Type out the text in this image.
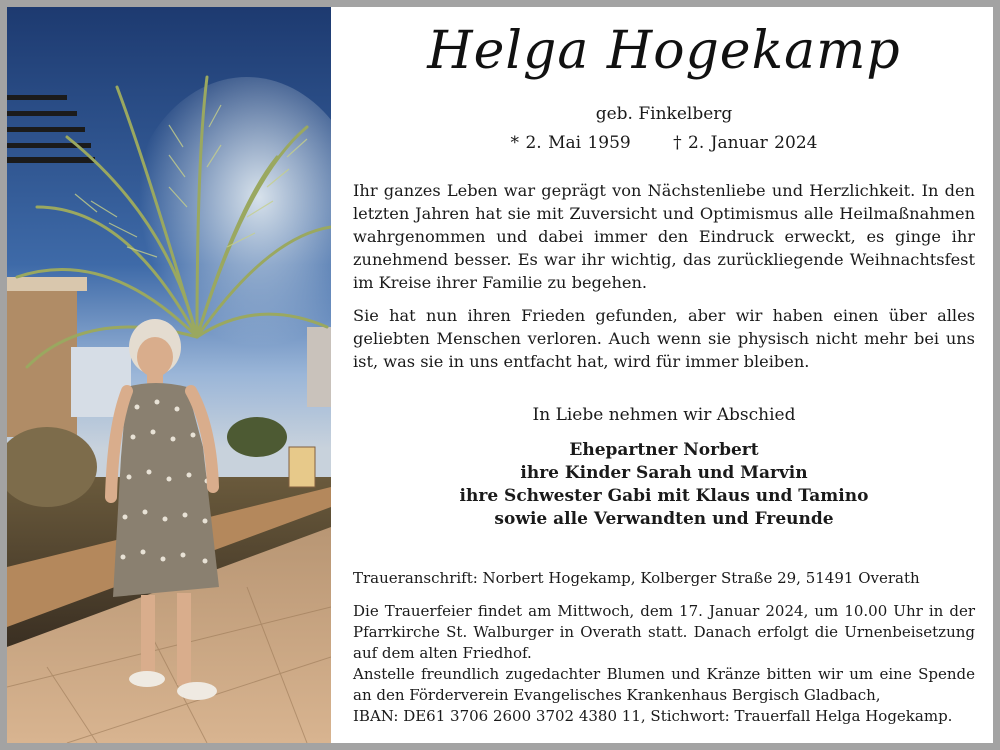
Helga Hogekamp
geb. Finkelberg
* 2. Mai 1959 † 2. Januar 2024
Ihr ganzes Leben war geprägt von Nächstenliebe und Herzlichkeit. In den letzten Jahren hat sie mit Zuversicht und Optimismus alle Heilmaßnahmen wahrgenommen und dabei immer den Eindruck erweckt, es ginge ihr zunehmend besser. Es war ihr wichtig, das zurückliegende Weihnachtsfest im Kreise ihrer Familie zu begehen.
Sie hat nun ihren Frieden gefunden, aber wir haben einen über alles geliebten Menschen verloren. Auch wenn sie physisch nicht mehr bei uns ist, was sie in uns entfacht hat, wird für immer bleiben.
In Liebe nehmen wir Abschied
Ehepartner Norbert
ihre Kinder Sarah und Marvin
ihre Schwester Gabi mit Klaus und Tamino
sowie alle Verwandten und Freunde
Traueranschrift: Norbert Hogekamp, Kolberger Straße 29, 51491 Overath

Die Trauerfeier findet am Mittwoch, dem 17. Januar 2024, um 10.00 Uhr in der Pfarrkirche St. Walburger in Overath statt. Danach erfolgt die Urnenbeisetzung auf dem alten Friedhof.

Anstelle freundlich zugedachter Blumen und Kränze bitten wir um eine Spende an den Förderverein Evangelisches Krankenhaus Bergisch Gladbach,

IBAN: DE61 3706 2600 3702 4380 11, Stichwort: Trauerfall Helga Hogekamp.
